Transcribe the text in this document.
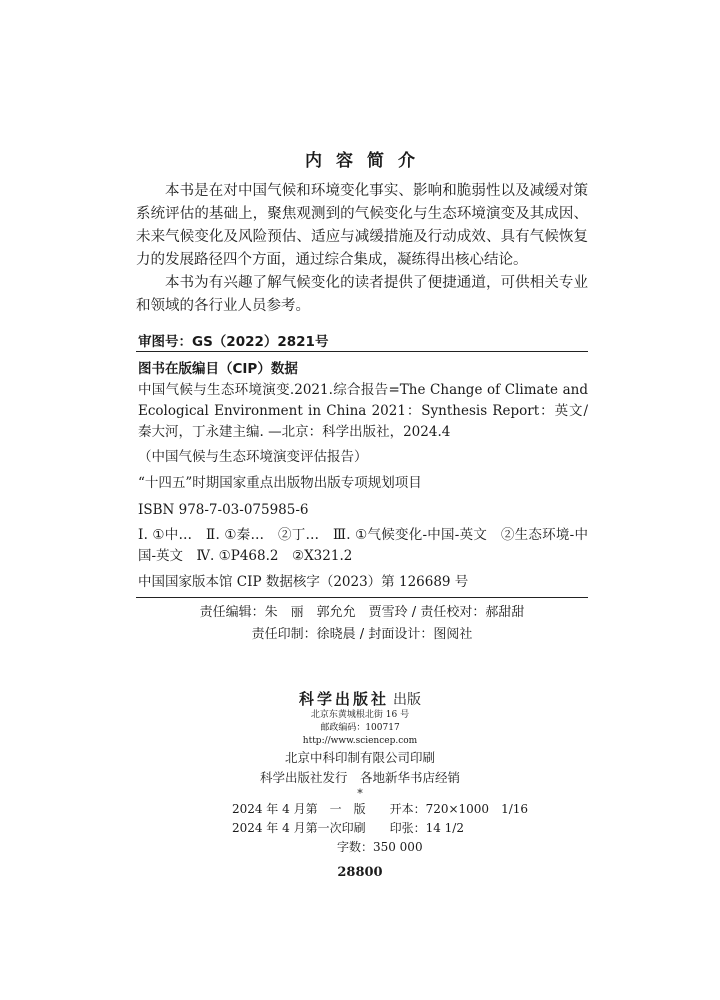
内容简介

本书是在对中国气候和环境变化事实、影响和脆弱性以及减缓对策系统评估的基础上，聚焦观测到的气候变化与生态环境演变及其成因、未来气候变化及风险预估、适应与减缓措施及行动成效、具有气候恢复力的发展路径四个方面，通过综合集成，凝练得出核心结论。

本书为有兴趣了解气候变化的读者提供了便捷通道，可供相关专业和领域的各行业人员参考。

审图号：GS（2022）2821号
图书在版编目（CIP）数据
中国气候与生态环境演变.2021.综合报告=The Change of Climate and Ecological Environment in China 2021：Synthesis Report：英文/秦大河，丁永建主编. —北京：科学出版社，2024.4
（中国气候与生态环境演变评估报告）
“十四五”时期国家重点出版物出版专项规划项目
ISBN 978-7-03-075985-6
Ⅰ. ①中…　Ⅱ. ①秦…　②丁…　Ⅲ. ①气候变化-中国-英文　②生态环境-中国-英文　Ⅳ. ①P468.2　②X321.2
中国国家版本馆 CIP 数据核字（2023）第 126689 号
责任编辑：朱　丽　郭允允　贾雪玲 / 责任校对：郝甜甜
责任印制：徐晓晨 / 封面设计：图阅社
科学出版社 出版
北京东黄城根北街 16 号
邮政编码：100717
http://www.sciencep.com
北京中科印制有限公司印刷
科学出版社发行　各地新华书店经销
*
2024 年 4 月第　一　版　　开本：720×1000　1/16
2024 年 4 月第一次印刷　　印张：14 1/2
字数：350 000
28800
